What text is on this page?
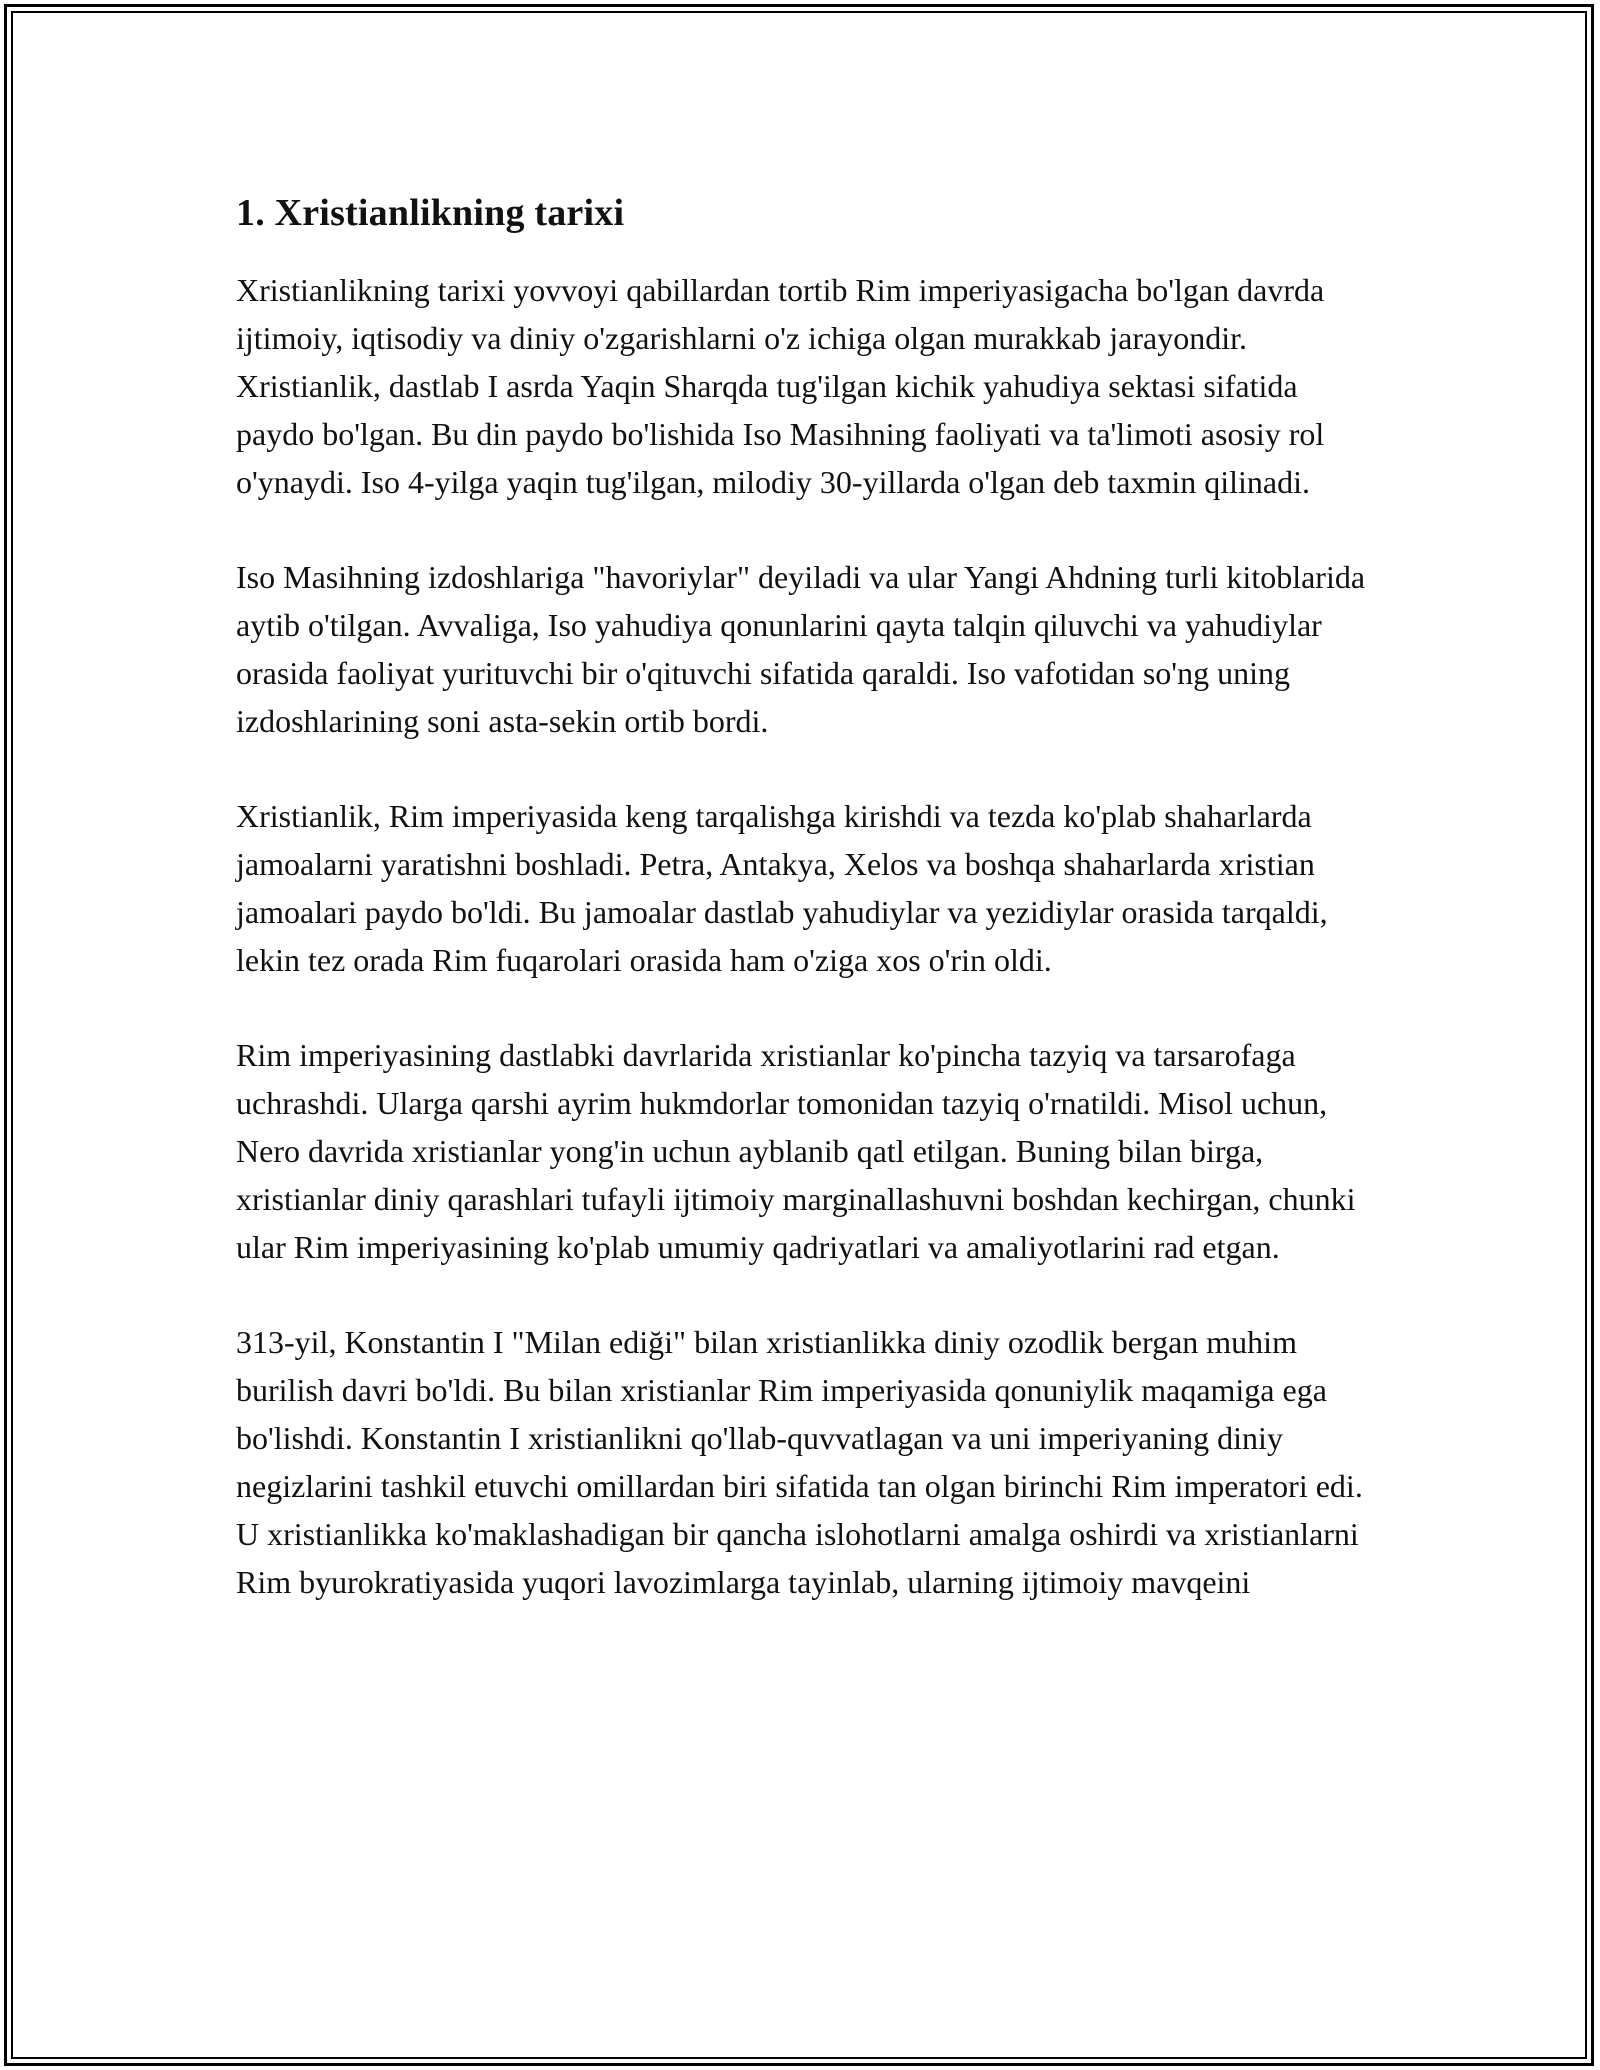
1. Xristianlikning tarixi

Xristianlikning tarixi yovvoyi qabillardan tortib Rim imperiyasigacha bo'lgan davrda ijtimoiy, iqtisodiy va diniy o'zgarishlarni o'z ichiga olgan murakkab jarayondir. Xristianlik, dastlab I asrda Yaqin Sharqda tug'ilgan kichik yahudiya sektasi sifatida paydo bo'lgan. Bu din paydo bo'lishida Iso Masihning faoliyati va ta'limoti asosiy rol o'ynaydi. Iso 4-yilga yaqin tug'ilgan, milodiy 30-yillarda o'lgan deb taxmin qilinadi.

Iso Masihning izdoshlariga "havoriylar" deyiladi va ular Yangi Ahdning turli kitoblarida aytib o'tilgan. Avvaliga, Iso yahudiya qonunlarini qayta talqin qiluvchi va yahudiylar orasida faoliyat yurituvchi bir o'qituvchi sifatida qaraldi. Iso vafotidan so'ng uning izdoshlarining soni asta-sekin ortib bordi.

Xristianlik, Rim imperiyasida keng tarqalishga kirishdi va tezda ko'plab shaharlarda jamoalarni yaratishni boshladi. Petra, Antakya, Xelos va boshqa shaharlarda xristian jamoalari paydo bo'ldi. Bu jamoalar dastlab yahudiylar va yezidiylar orasida tarqaldi, lekin tez orada Rim fuqarolari orasida ham o'ziga xos o'rin oldi.

Rim imperiyasining dastlabki davrlarida xristianlar ko'pincha tazyiq va tarsarofaga uchrashdi. Ularga qarshi ayrim hukmdorlar tomonidan tazyiq o'rnatildi. Misol uchun, Nero davrida xristianlar yong'in uchun ayblanib qatl etilgan. Buning bilan birga, xristianlar diniy qarashlari tufayli ijtimoiy marginallashuvni boshdan kechirgan, chunki ular Rim imperiyasining ko'plab umumiy qadriyatlari va amaliyotlarini rad etgan.

313-yil, Konstantin I "Milan ediği" bilan xristianlikka diniy ozodlik bergan muhim burilish davri bo'ldi. Bu bilan xristianlar Rim imperiyasida qonuniylik maqamiga ega bo'lishdi. Konstantin I xristianlikni qo'llab-quvvatlagan va uni imperiyaning diniy negizlarini tashkil etuvchi omillardan biri sifatida tan olgan birinchi Rim imperatori edi. U xristianlikka ko'maklashadigan bir qancha islohotlarni amalga oshirdi va xristianlarni Rim byurokratiyasida yuqori lavozimlarga tayinlab, ularning ijtimoiy mavqeini
